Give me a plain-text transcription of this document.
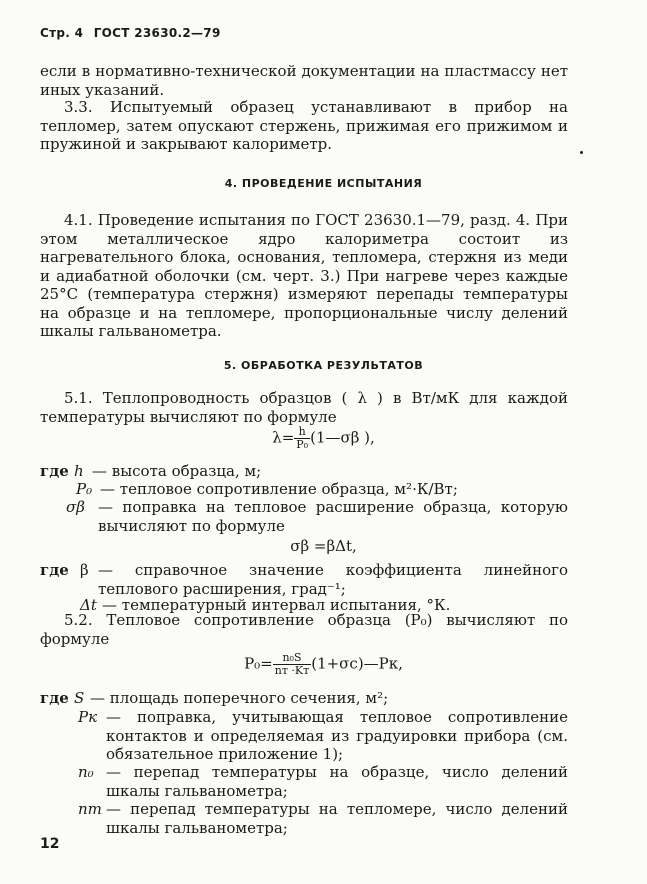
Стр. 4 ГОСТ 23630.2—79
если в нормативно-технической документации на пластмассу нет иных указаний.
3.3. Испытуемый образец устанавливают в прибор на тепломер, затем опускают стержень, прижимая его прижимом и пружиной и закрывают калориметр.
4. ПРОВЕДЕНИЕ ИСПЫТАНИЯ
4.1. Проведение испытания по ГОСТ 23630.1—79, разд. 4. При этом металлическое ядро калориметра состоит из нагревательного блока, основания, тепломера, стержня из меди и адиабатной оболочки (см. черт. 3.) При нагреве через каждые 25°С (температура стержня) измеряют перепады температуры на образце и на тепломере, пропорциональные числу делений шкалы гальванометра.
5. ОБРАБОТКА РЕЗУЛЬТАТОВ
5.1. Теплопроводность образцов ( λ ) в Вт/мК для каждой температуры вычисляют по формуле
$\lambda= \frac{h}{\text{P₀}}$ (1—σβ ),
где h — высота образца, м;
P₀ — тепловое сопротивление образца, м²·К/Вт;
σβ — поправка на тепловое расширение образца, которую вычисляют по формуле
σβ =βΔt,
где β — справочное значение коэффициента линейного теплового расширения, град⁻¹;
Δt — температурный интервал испытания, °К.
5.2. Тепловое сопротивление образца (P₀) вычисляют по формуле
$P_0= \frac{\text{n₀S}}{nт \cdot Kт}$ (1+σc)—Pк,
где S — площадь поперечного сечения, м²;
Pк — поправка, учитывающая тепловое сопротивление контактов и определяемая из градуировки прибора (см. обязательное приложение 1);
n₀ — перепад температуры на образце, число делений шкалы гальванометра;
nт — перепад температуры на тепломере, число делений шкалы гальванометра;
12
